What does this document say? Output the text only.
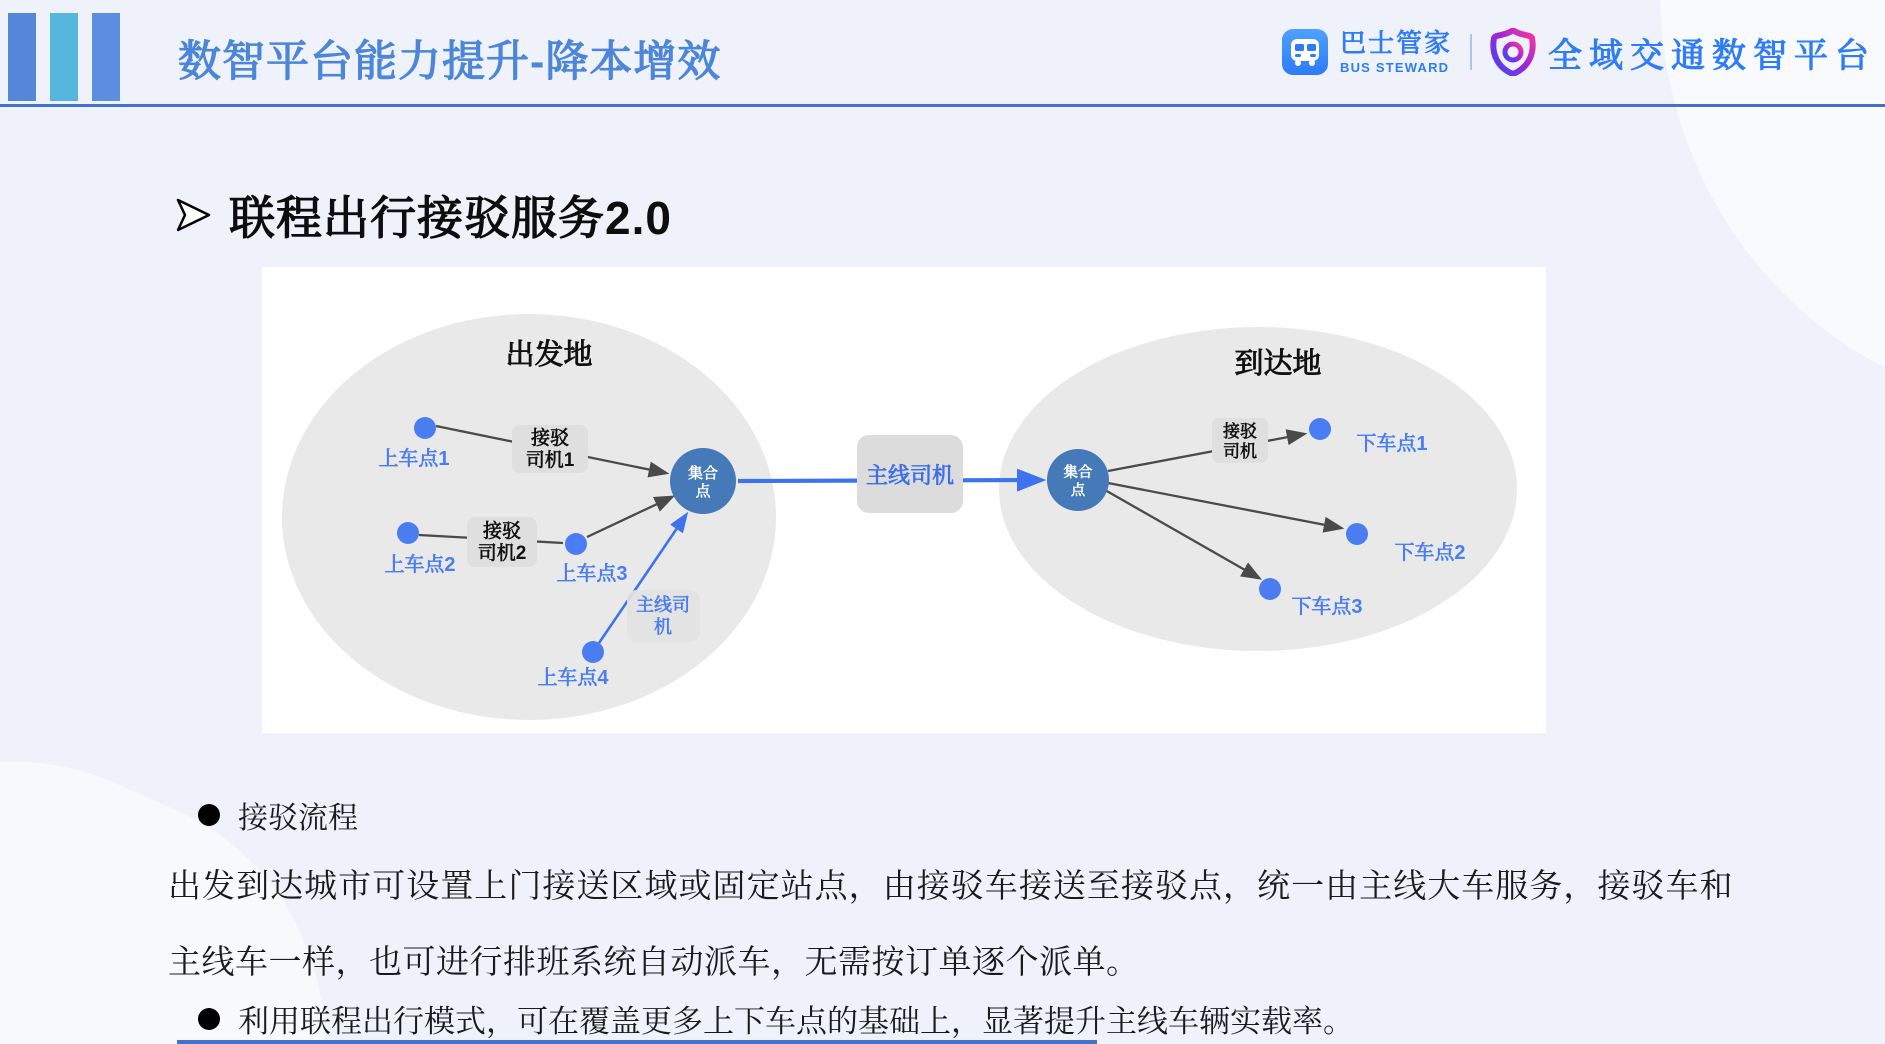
数智平台能力提升-降本增效	巴士管家
BUS STEWARD	全域交通数智平台
联程出行接驳服务2.0
出发地	到达地
接驳
司机1
接驳
司机2
主线司
机
主线司机
接驳
司机
集合
点
集合
点
上车点1
上车点2	上车点3
上车点4
下车点1
下车点2
下车点3
接驳流程
出发到达城市可设置上门接送区域或固定站点，由接驳车接送至接驳点，统一由主线大车服务，接驳车和主线车一样，也可进行排班系统自动派车，无需按订单逐个派单。
利用联程出行模式，可在覆盖更多上下车点的基础上，显著提升主线车辆实载率。
